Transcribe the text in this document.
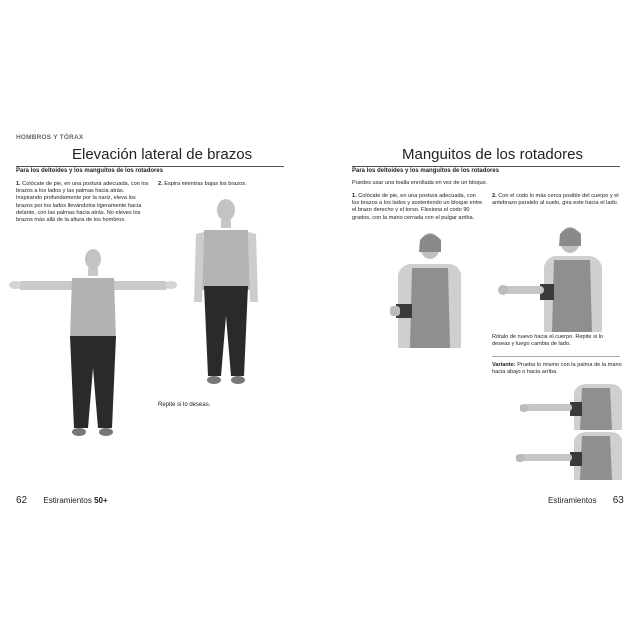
HOMBROS Y TÓRAX
Elevación lateral de brazos
Para los deltoides y los manguitos de los rotadores
1. Colócate de pie, en una postura adecuada, con los brazos a los lados y las palmas hacia atrás. Inspirando profundamente por la nariz, eleva los brazos por los lados llevándolos ligeramente hacia delante, con las palmas hacia atrás. No eleves los brazos más allá de la altura de los hombros.
2. Espira mientras bajas los brazos.
Repite si lo deseas.
62 Estiramientos 50+
Manguitos de los rotadores
Para los deltoides y los manguitos de los rotadores
Puedes usar una toalla enrollada en vez de un bloque.
1. Colócate de pie, en una postura adecuada, con los brazos a los lados y sosteniendo un bloque entre el brazo derecho y el torso. Flexiona el codo 90 grados, con la mano cerrada con el pulgar arriba.
2. Con el codo lo más cerca posible del cuerpo y el antebrazo paralelo al suelo, gira este hacia el lado.
Rótalo de nuevo hacia el cuerpo. Repite si lo deseas y luego cambia de lado.
Variante: Prueba lo mismo con la palma de la mano hacia abajo o hacia arriba.
Estiramientos 63
